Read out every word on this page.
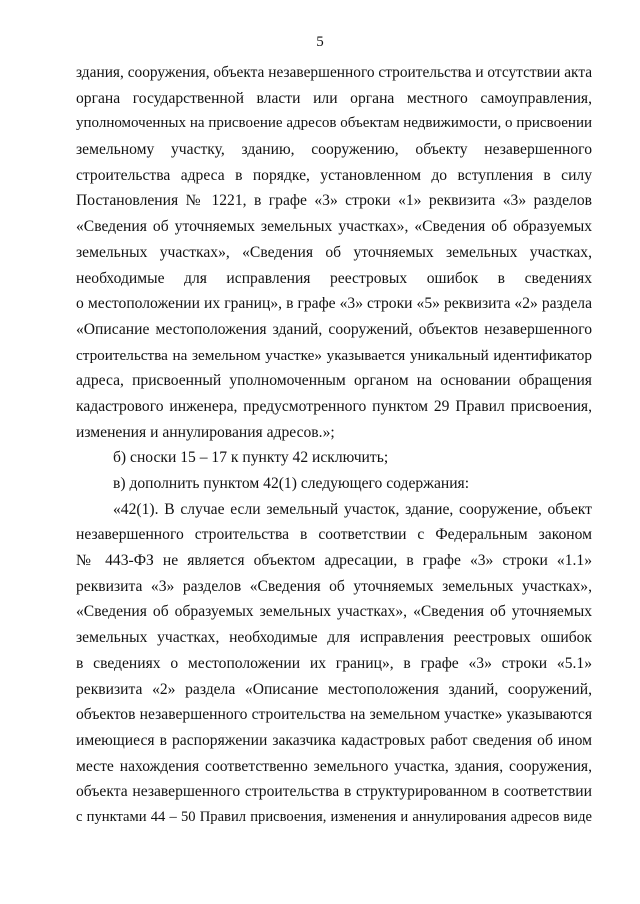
5
здания, сооружения, объекта незавершенного строительства и отсутствии акта
органа государственной власти или органа местного самоуправления,
уполномоченных на присвоение адресов объектам недвижимости, о присвоении
земельному участку, зданию, сооружению, объекту незавершенного
строительства адреса в порядке, установленном до вступления в силу
Постановления № 1221, в графе «3» строки «1» реквизита «3» разделов
«Сведения об уточняемых земельных участках», «Сведения об образуемых
земельных участках», «Сведения об уточняемых земельных участках,
необходимые для исправления реестровых ошибок в сведениях
о местоположении их границ», в графе «3» строки «5» реквизита «2» раздела
«Описание местоположения зданий, сооружений, объектов незавершенного
строительства на земельном участке» указывается уникальный идентификатор
адреса, присвоенный уполномоченным органом на основании обращения
кадастрового инженера, предусмотренного пунктом 29 Правил присвоения,
изменения и аннулирования адресов.»;
б) сноски 15 – 17 к пункту 42 исключить;
в) дополнить пунктом 42(1) следующего содержания:
«42(1). В случае если земельный участок, здание, сооружение, объект
незавершенного строительства в соответствии с Федеральным законом
№ 443-ФЗ не является объектом адресации, в графе «3» строки «1.1»
реквизита «3» разделов «Сведения об уточняемых земельных участках»,
«Сведения об образуемых земельных участках», «Сведения об уточняемых
земельных участках, необходимые для исправления реестровых ошибок
в сведениях о местоположении их границ», в графе «3» строки «5.1»
реквизита «2» раздела «Описание местоположения зданий, сооружений,
объектов незавершенного строительства на земельном участке» указываются
имеющиеся в распоряжении заказчика кадастровых работ сведения об ином
месте нахождения соответственно земельного участка, здания, сооружения,
объекта незавершенного строительства в структурированном в соответствии
с пунктами 44 – 50 Правил присвоения, изменения и аннулирования адресов виде
